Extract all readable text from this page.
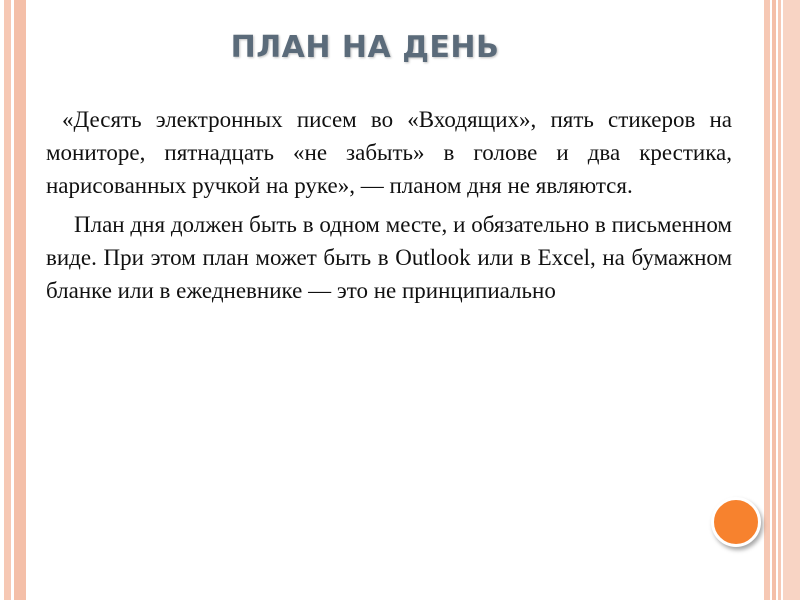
ПЛАН НА ДЕНЬ

«Десять электронных писем во «Входящих», пять стикеров на мониторе, пятнадцать «не забыть» в голове и два крестика, нарисованных ручкой на руке», — планом дня не являются.

План дня должен быть в одном месте, и обязательно в письменном виде. При этом план может быть в Outlook или в Excel, на бумажном бланке или в ежедневнике — это не принципиально
